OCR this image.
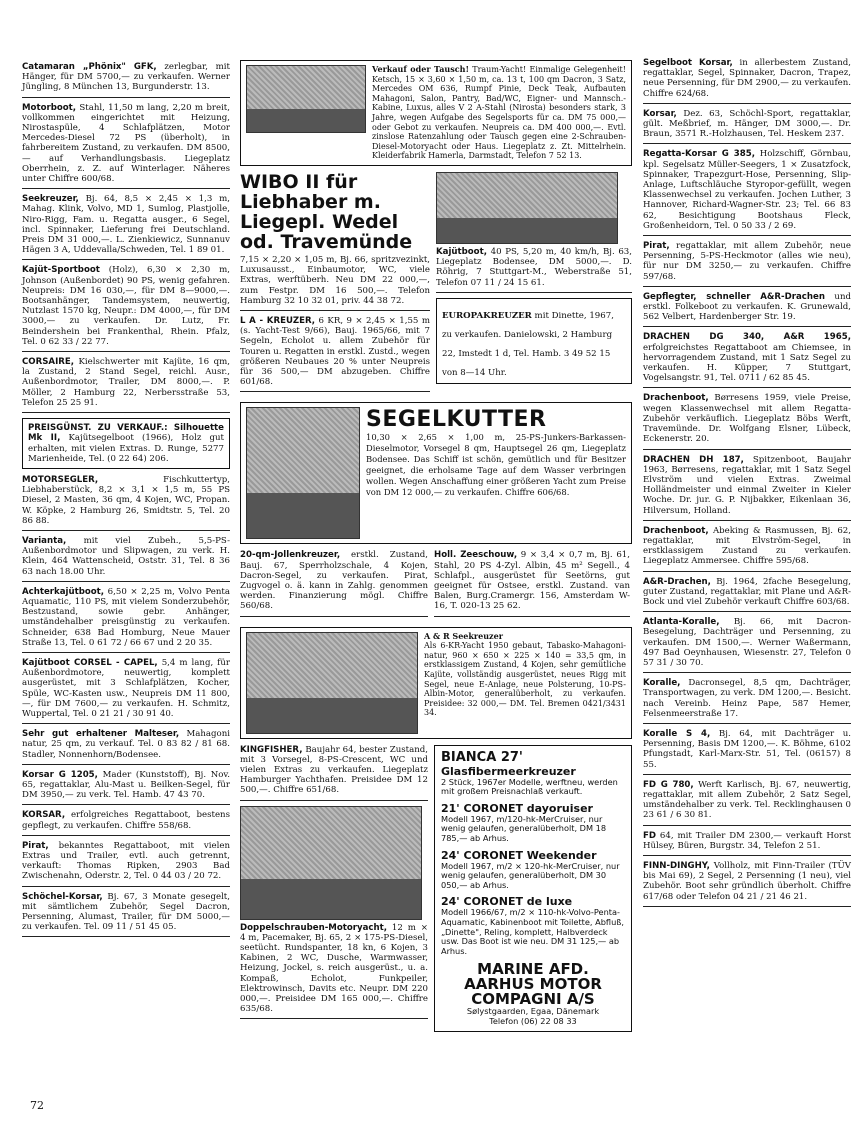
Catamaran „Phönix" GFK, zerlegbar, mit Hänger, für DM 5700,— zu verkaufen. Werner Jüngling, 8 München 13, Burgunderstr. 13.
Motorboot, Stahl, 11,50 m lang, 2,20 m breit, vollkommen eingerichtet mit Heizung, Nirostaspüle, 4 Schlafplätzen, Motor Mercedes-Diesel 72 PS (überholt), in fahrbereitem Zustand, zu verkaufen. DM 8500,— auf Verhandlungsbasis. Liegeplatz Oberrhein, z. Z. auf Winterlager. Näheres unter Chiffre 600/68.
Seekreuzer, Bj. 64, 8,5 × 2,45 × 1,3 m, Mahag. Klink, Volvo, MD 1, Sumlog, Plastjolle, Niro-Rigg, Fam. u. Regatta ausger., 6 Segel, incl. Spinnaker, Lieferung frei Deutschland. Preis DM 31 000,—. L. Zienkiewicz, Sunnanuv Hägen 3 A, Uddevalla/Schweden, Tel. 1 89 01.
Kajüt-Sportboot (Holz), 6,30 × 2,30 m, Johnson (Außenbordet) 90 PS, wenig gefahren. Neupreis: DM 16 030,—, für DM 8—9000,—. Bootsanhänger, Tandemsystem, neuwertig, Nutzlast 1570 kg, Neupr.: DM 4000,—, für DM 3000,— zu verkaufen. Dr. Lutz, Fr. Beindershein bei Frankenthal, Rhein. Pfalz, Tel. 0 62 33 / 22 77.
CORSAIRE, Kielschwerter mit Kajüte, 16 qm, la Zustand, 2 Stand Segel, reichl. Ausr., Außenbordmotor, Trailer, DM 8000,—. P. Möller, 2 Hamburg 22, Nerbersstraße 53, Telefon 25 25 91.
PREISGÜNST. ZU VERKAUF.: Silhouette Mk II, Kajütsegelboot (1966), Holz gut erhalten, mit vielen Extras. D. Runge, 5277 Marienheide, Tel. (0 22 64) 206.
MOTORSEGLER, Fischkuttertyp, Liebhaberstück, 8,2 × 3,1 × 1,5 m, 55 PS Diesel, 2 Masten, 36 qm, 4 Kojen, WC, Propan. W. Köpke, 2 Hamburg 26, Smidtstr. 5, Tel. 20 86 88.
Varianta, mit viel Zubeh., 5,5-PS-Außenbordmotor und Slipwagen, zu verk. H. Klein, 464 Wattenscheid, Oststr. 31, Tel. 8 36 63 nach 18.00 Uhr.
Achterkajütboot, 6,50 × 2,25 m, Volvo Penta Aquamatic, 110 PS, mit vielem Sonderzubehör, Bestzustand, sowie gebr. Anhänger, umständehalber preisgünstig zu verkaufen. Schneider, 638 Bad Homburg, Neue Mauer Straße 13, Tel. 0 61 72 / 66 67 und 2 20 35.
Kajütboot CORSEL - CAPEL, 5,4 m lang, für Außenbordmotore, neuwertig, komplett ausgerüstet, mit 3 Schlafplätzen, Kocher, Spüle, WC-Kasten usw., Neupreis DM 11 800,—, für DM 7600,— zu verkaufen. H. Schmitz, Wuppertal, Tel. 0 21 21 / 30 91 40.
Sehr gut erhaltener Malteser, Mahagoni natur, 25 qm, zu verkauf. Tel. 0 83 82 / 81 68. Stadler, Nonnenhorn/Bodensee.
Korsar G 1205, Mader (Kunststoff), Bj. Nov. 65, regattaklar, Alu-Mast u. Beilken-Segel, für DM 3950,— zu verk. Tel. Hamb. 47 43 70.
KORSAR, erfolgreiches Regattaboot, bestens gepflegt, zu verkaufen. Chiffre 558/68.
Pirat, bekanntes Regattaboot, mit vielen Extras und Trailer, evtl. auch getrennt, verkauft: Thomas Ripken, 2903 Bad Zwischenahn, Oderstr. 2, Tel. 0 44 03 / 20 72.
Schöchel-Korsar, Bj. 67, 3 Monate gesegelt, mit sämtlichem Zubehör, Segel Dacron, Persenning, Alumast, Trailer, für DM 5000,— zu verkaufen. Tel. 09 11 / 51 45 05.
Verkauf oder Tausch! Traum-Yacht! Einmalige Gelegenheit! Ketsch, 15 × 3,60 × 1,50 m, ca. 13 t, 100 qm Dacron, 3 Satz, Mercedes OM 636, Rumpf Pinie, Deck Teak, Aufbauten Mahagoni, Salon, Pantry, Bad/WC, Eigner- und Mannsch.-Kabine, Luxus, alles V 2 A-Stahl (Nirosta) besonders stark, 3 Jahre, wegen Aufgabe des Segelsports für ca. DM 75 000,— oder Gebot zu verkaufen. Neupreis ca. DM 400 000,—. Evtl. zinslose Ratenzahlung oder Tausch gegen eine 2-Schrauben-Diesel-Motoryacht oder Haus. Liegeplatz z. Zt. Mittelrhein. Kleiderfabrik Hamerla, Darmstadt, Telefon 7 52 13.
WIBO II für Liebhaber m. Liegepl. Wedel od. Travemünde
7,15 × 2,20 × 1,05 m, Bj. 66, spritzvezinkt, Luxusausst., Einbaumotor, WC, viele Extras, werftüberh. Neu DM 22 000,—, zum Festpr. DM 16 500,—. Telefon Hamburg 32 10 32 01, priv. 44 38 72.
L A - KREUZER, 6 KR, 9 × 2,45 × 1,55 m (s. Yacht-Test 9/66), Bauj. 1965/66, mit 7 Segeln, Echolot u. allem Zubehör für Touren u. Regatten in erstkl. Zustd., wegen größeren Neubaues 20 % unter Neupreis für 36 500,— DM abzugeben. Chiffre 601/68.
Kajütboot, 40 PS, 5,20 m, 40 km/h, Bj. 63, Liegeplatz Bodensee, DM 5000,—. D. Röhrig, 7 Stuttgart-M., Weberstraße 51, Telefon 07 11 / 24 15 61.
EUROPAKREUZER mit Dinette, 1967, zu verkaufen. Danielowski, 2 Hamburg 22, Imstedt 1 d, Tel. Hamb. 3 49 52 15 von 8—14 Uhr.
SEGELKUTTER
10,30 × 2,65 × 1,00 m, 25-PS-Junkers-Barkassen-Dieselmotor, Vorsegel 8 qm, Hauptsegel 26 qm, Liegeplatz Bodensee. Das Schiff ist schön, gemütlich und für Besitzer geeignet, die erholsame Tage auf dem Wasser verbringen wollen. Wegen Anschaffung einer größeren Yacht zum Preise von DM 12 000,— zu verkaufen. Chiffre 606/68.
20-qm-Jollenkreuzer, erstkl. Zustand, Bauj. 67, Sperrholzschale, 4 Kojen, Dacron-Segel, zu verkaufen. Pirat, Zugvogel o. ä. kann in Zahlg. genommen werden. Finanzierung mögl. Chiffre 560/68.
Holl. Zeeschouw, 9 × 3,4 × 0,7 m, Bj. 61, Stahl, 20 PS 4-Zyl. Albin, 45 m² Segell., 4 Schlafpl., ausgerüstet für Seetörns, gut geeignet für Ostsee, erstkl. Zustand. van Balen, Burg.Cramergr. 156, Amsterdam W-16, T. 020-13 25 62.
A & R Seekreuzer
Als 6-KR-Yacht 1950 gebaut, Tabasko-Mahagoni-natur, 960 × 650 × 225 × 140 = 33,5 qm, in erstklassigem Zustand, 4 Kojen, sehr gemütliche Kajüte, vollständig ausgerüstet, neues Rigg mit Segel, neue E-Anlage, neue Polsterung, 10-PS-Albin-Motor, generalüberholt, zu verkaufen. Preisidee: 32 000,— DM. Tel. Bremen 0421/3431 34.
KINGFISHER, Baujahr 64, bester Zustand, mit 3 Vorsegel, 8-PS-Crescent, WC und vielen Extras zu verkaufen. Liegeplatz Hamburger Yachthafen. Preisidee DM 12 500,—. Chiffre 651/68.
Doppelschrauben-Motoryacht, 12 m × 4 m, Pacemaker, Bj. 65, 2 × 175-PS-Diesel, seetücht. Rundspanter, 18 kn, 6 Kojen, 3 Kabinen, 2 WC, Dusche, Warmwasser, Heizung, Jockel, s. reich ausgerüst., u. a. Kompaß, Echolot, Funkpeiler, Elektrowinsch, Davits etc. Neupr. DM 220 000,—. Preisidee DM 165 000,—. Chiffre 635/68.
BIANCA 27'
Glasfibermeerkreuzer
2 Stück, 1967er Modelle, werftneu, werden mit großem Preisnachlaß verkauft.
21' CORONET dayoruiser
Modell 1967, m/120-hk-MerCruiser, nur wenig gelaufen, generalüberholt, DM 18 785,— ab Arhus.
24' CORONET Weekender
Modell 1967, m/2 × 120-hk-MerCruiser, nur wenig gelaufen, generalüberholt, DM 30 050,— ab Arhus.
24' CORONET de luxe
Modell 1966/67, m/2 × 110-hk-Volvo-Penta-Aquamatic, Kabinenboot mit Toilette, Abfluß, „Dinette", Reling, komplett, Halbverdeck usw. Das Boot ist wie neu. DM 31 125,— ab Arhus.
MARINE AFD.
AARHUS MOTOR
COMPAGNI A/S
Sølystgaarden, Egaa, Dänemark
Telefon (06) 22 08 33
Segelboot Korsar, in allerbestem Zustand, regattaklar, Segel, Spinnaker, Dacron, Trapez, neue Persenning, für DM 2900,— zu verkaufen. Chiffre 624/68.
Korsar, Dez. 63, Schöchl-Sport, regattaklar, gült. Meßbrief, m. Hänger, DM 3000,—. Dr. Braun, 3571 R.-Holzhausen, Tel. Heskem 237.
Regatta-Korsar G 385, Holzschiff, Görnbau, kpl. Segelsatz Müller-Seegers, 1 × Zusatzfock, Spinnaker, Trapezgurt-Hose, Persenning, Slip-Anlage, Luftschläuche Styropor-gefüllt, wegen Klassenwechsel zu verkaufen. Jochen Luther, 3 Hannover, Richard-Wagner-Str. 23; Tel. 66 83 62, Besichtigung Bootshaus Fleck, Großenheidorn, Tel. 0 50 33 / 2 69.
Pirat, regattaklar, mit allem Zubehör, neue Persenning, 5-PS-Heckmotor (alles wie neu), für nur DM 3250,— zu verkaufen. Chiffre 597/68.
Gepflegter, schneller A&R-Drachen und erstkl. Folkeboot zu verkaufen. K. Grunewald, 562 Velbert, Hardenberger Str. 19.
DRACHEN DG 340, A&R 1965, erfolgreichstes Regattaboot am Chiemsee, in hervorragendem Zustand, mit 1 Satz Segel zu verkaufen. H. Küpper, 7 Stuttgart, Vogelsangstr. 91, Tel. 0711 / 62 85 45.
Drachenboot, Børresens 1959, viele Preise, wegen Klassenwechsel mit allem Regatta-Zubehör verkäuflich. Liegeplatz Böbs Werft, Travemünde. Dr. Wolfgang Elsner, Lübeck, Eckenerstr. 20.
DRACHEN DH 187, Spitzenboot, Baujahr 1963, Børresens, regattaklar, mit 1 Satz Segel Elvström und vielen Extras. Zweimal Holländmeister und einmal Zweiter in Kieler Woche. Dr. jur. G. P. Nijbakker, Eikenlaan 36, Hilversum, Holland.
Drachenboot, Abeking & Rasmussen, Bj. 62, regattaklar, mit Elvström-Segel, in erstklassigem Zustand zu verkaufen. Liegeplatz Ammersee. Chiffre 595/68.
A&R-Drachen, Bj. 1964, 2fache Besegelung, guter Zustand, regattaklar, mit Plane und A&R-Bock und viel Zubehör verkauft Chiffre 603/68.
Atlanta-Koralle, Bj. 66, mit Dacron-Besegelung, Dachträger und Persenning, zu verkaufen. DM 1500,—. Werner Waßermann, 497 Bad Oeynhausen, Wiesenstr. 27, Telefon 0 57 31 / 30 70.
Koralle, Dacronsegel, 8,5 qm, Dachträger, Transportwagen, zu verk. DM 1200,—. Besicht. nach Vereinb. Heinz Pape, 587 Hemer, Felsenmeerstraße 17.
Koralle S 4, Bj. 64, mit Dachträger u. Persenning, Basis DM 1200,—. K. Böhme, 6102 Pfungstadt, Karl-Marx-Str. 51, Tel. (06157) 8 55.
FD G 780, Werft Karlisch, Bj. 67, neuwertig, regattaklar, mit allem Zubehör, 2 Satz Segel, umständehalber zu verk. Tel. Recklinghausen 0 23 61 / 6 30 81.
FD 64, mit Trailer DM 2300,— verkauft Horst Hülsey, Büren, Burgstr. 34, Telefon 2 51.
FINN-DINGHY, Vollholz, mit Finn-Trailer (TÜV bis Mai 69), 2 Segel, 2 Persenning (1 neu), viel Zubehör. Boot sehr gründlich überholt. Chiffre 617/68 oder Telefon 04 21 / 21 46 21.
72
